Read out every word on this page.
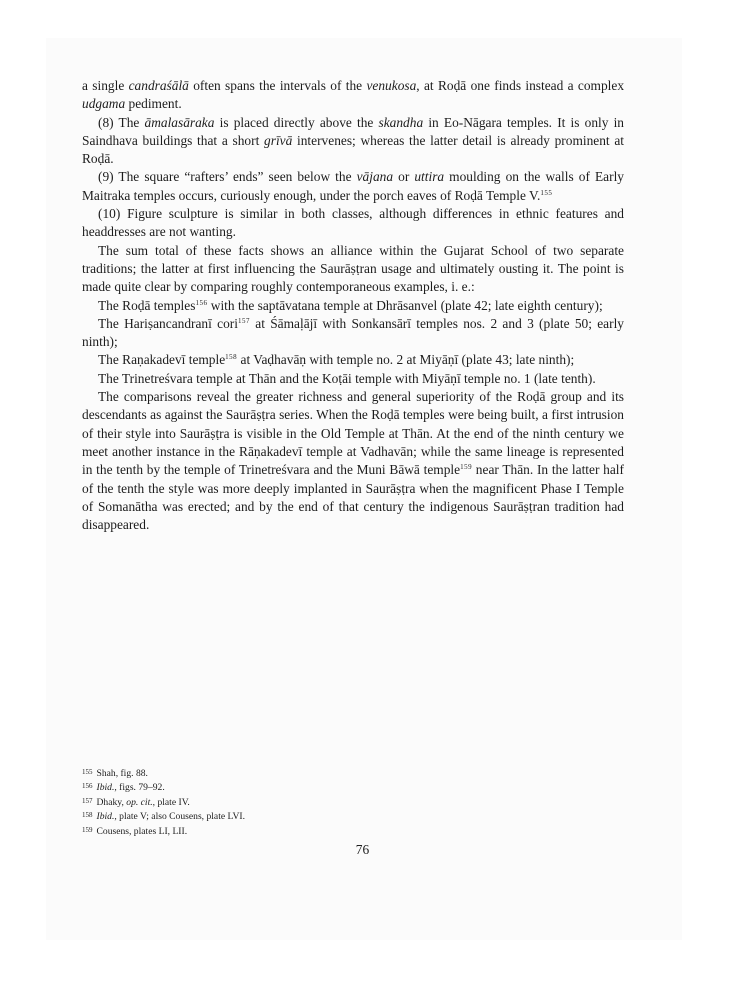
a single candraśālā often spans the intervals of the venukosa, at Roḍā one finds instead a complex udgama pediment.

(8) The āmalasāraka is placed directly above the skandha in Eo-Nāgara temples. It is only in Saindhava buildings that a short grīvā intervenes; whereas the latter detail is already prominent at Roḍā.

(9) The square “rafters’ ends” seen below the vājana or uttira moulding on the walls of Early Maitraka temples occurs, curiously enough, under the porch eaves of Roḍā Temple V.$^{155}$

(10) Figure sculpture is similar in both classes, although differences in ethnic features and headdresses are not wanting.

The sum total of these facts shows an alliance within the Gujarat School of two separate traditions; the latter at first influencing the Saurāṣṭran usage and ultimately ousting it. The point is made quite clear by comparing roughly contemporaneous examples, i. e.:

The Roḍā temples$^{156}$ with the saptāvatana temple at Dhrāsanvel (plate 42; late eighth century);

The Hariṣancandranī cori$^{157}$ at Śāmaḷājī with Sonkansārī temples nos. 2 and 3 (plate 50; early ninth);

The Raṇakadevī temple$^{158}$ at Vaḍhavāṇ with temple no. 2 at Miyāṇī (plate 43; late ninth);

The Trinetreśvara temple at Thān and the Koṭāi temple with Miyāṇī temple no. 1 (late tenth).

The comparisons reveal the greater richness and general superiority of the Roḍā group and its descendants as against the Saurāṣṭra series. When the Roḍā temples were being built, a first intrusion of their style into Saurāṣṭra is visible in the Old Temple at Thān. At the end of the ninth century we meet another instance in the Rāṇakadevī temple at Vadhavān; while the same lineage is represented in the tenth by the temple of Trinetreśvara and the Muni Bāwā temple$^{159}$ near Thān. In the latter half of the tenth the style was more deeply implanted in Saurāṣṭra when the magnificent Phase I Temple of Somanātha was erected; and by the end of that century the indigenous Saurāṣṭran tradition had disappeared.

$^{155}$ Shah, fig. 88.
$^{156}$ Ibid., figs. 79–92.
$^{157}$ Dhaky, op. cit., plate IV.
$^{158}$ Ibid., plate V; also Cousens, plate LVI.
$^{159}$ Cousens, plates LI, LII.
76
